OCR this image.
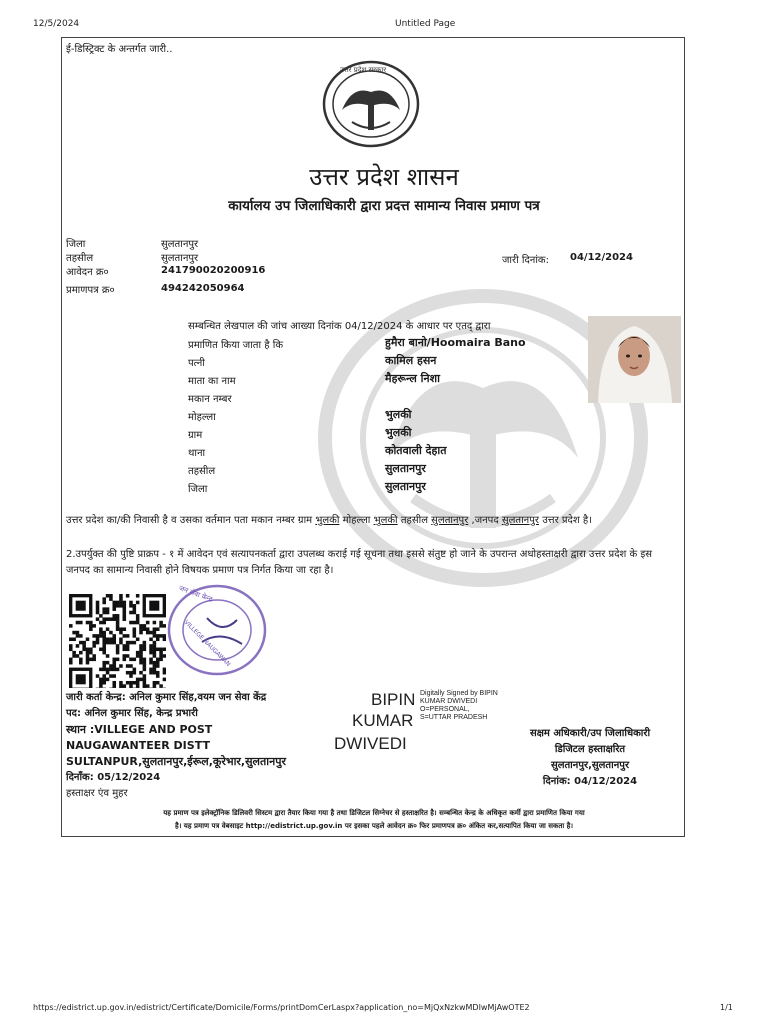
12/5/2024	Untitled Page
https://edistrict.up.gov.in/edistrict/Certificate/Domicile/Forms/printDomCerLaspx?application_no=MjQxNzkwMDIwMjAwOTE2	1/1
ई-डिस्ट्रिक्ट के अन्तर्गत जारी..
उत्तर प्रदेश सरकार
उत्तर प्रदेश शासन
कार्यालय उप जिलाधिकारी द्वारा प्रदत्त सामान्य निवास प्रमाण पत्र
जिला	सुलतानपुर
तहसील	सुलतानपुर
आवेदन क्र०	241790020200916
प्रमाणपत्र क्र०	494242050964
जारी दिनांक: 04/12/2024
सम्बन्धित लेखपाल की जांच आख्या दिनांक 04/12/2024 के आधार पर एतद् द्वारा
प्रमाणित किया जाता है कि	हुमैरा बानो/Hoomaira Bano
पत्नी	कामिल हसन
माता का नाम	मैहरून्ल निशा
मकान नम्बर
मोहल्ला	भुलकी
ग्राम	भुलकी
थाना	कोतवाली देहात
तहसील	सुलतानपुर
जिला	सुलतानपुर
उत्तर प्रदेश का/की निवासी है व उसका वर्तमान पता मकान नम्बर ग्राम भुलकी मोहल्ला भुलकी तहसील सुलतानपुर ,जनपद सुलतानपुर उत्तर प्रदेश है।
2.उपर्युक्त की पुष्टि प्राक्रप - १ में आवेदन एवं सत्यापनकर्ता द्वारा उपलब्ध कराई गई सूचना तथा इससे संतुष्ट हो जाने के उपरान्त अधोहस्ताक्षरी द्वारा उत्तर प्रदेश के इस जनपद का सामान्य निवासी होने विषयक प्रमाण पत्र निर्गत किया जा रहा है।
जन सेवा केन्द्र
VILLEGE NAUGAWAN
जारी कर्ता केन्द्र: अनिल कुमार सिंह,वयम जन सेवा केंद्र
पद: अनिल कुमार सिंह, केन्द्र प्रभारी
स्थान :VILLEGE AND POST
NAUGAWANTEER DISTT
SULTANPUR,सुलतानपुर,ईरूल,कूरेभार,सुलतानपुर
दिनाँक: 05/12/2024
हस्ताक्षर एंव मुहर
BIPIN
KUMAR
DWIVEDI
Digitally Signed by BIPIN
KUMAR DWIVEDI
O=PERSONAL,
S=UTTAR PRADESH
सक्षम अधिकारी/उप जिलाधिकारी
डिजिटल हस्ताक्षरित
सुलतानपुर,सुलतानपुर
दिनांक: 04/12/2024
यह प्रमाण पत्र इलेक्ट्रॉनिक डिलिवरी सिस्टम द्वारा तैयार किया गया है तथा डिजिटल सिग्नेचर से हस्ताक्षरित है। सम्बन्धित केन्द्र के अधिकृत कर्मी द्वारा प्रमाणित किया गया
है। यह प्रमाण पत्र वेबसाइट http://edistrict.up.gov.in पर इसका पहले आवेदन क्र० फिर प्रमाणपत्र क्र० अंकित कर,सत्यापित किया जा सकता है।
